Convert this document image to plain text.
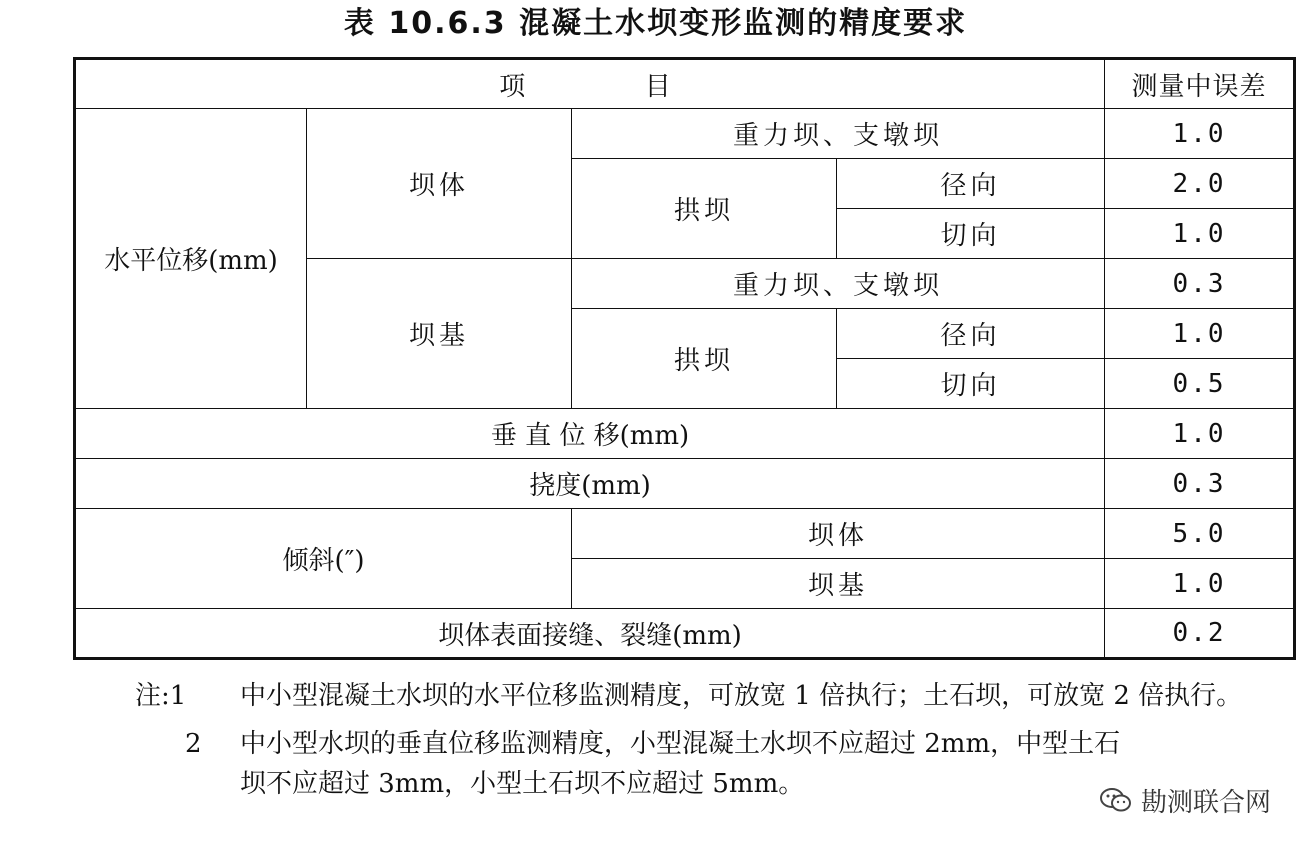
表 10.6.3 混凝土水坝变形监测的精度要求
项      目				测量中误差
水平位移(mm)	坝体	重力坝、支墩坝		1.0
		拱坝	径向	2.0
			切向	1.0
	坝基	重力坝、支墩坝		0.3
		拱坝	径向	1.0
			切向	0.5
垂 直 位 移(mm)				1.0
挠度(mm)				0.3
倾斜(″)		坝体		5.0
		坝基		1.0
坝体表面接缝、裂缝(mm)				0.2
注:1	中小型混凝土水坝的水平位移监测精度，可放宽 1 倍执行；土石坝，可放宽 2 倍执行。
2	中小型水坝的垂直位移监测精度，小型混凝土水坝不应超过 2mm，中型土石坝不应超过 3mm，小型土石坝不应超过 5mm。
勘测联合网
